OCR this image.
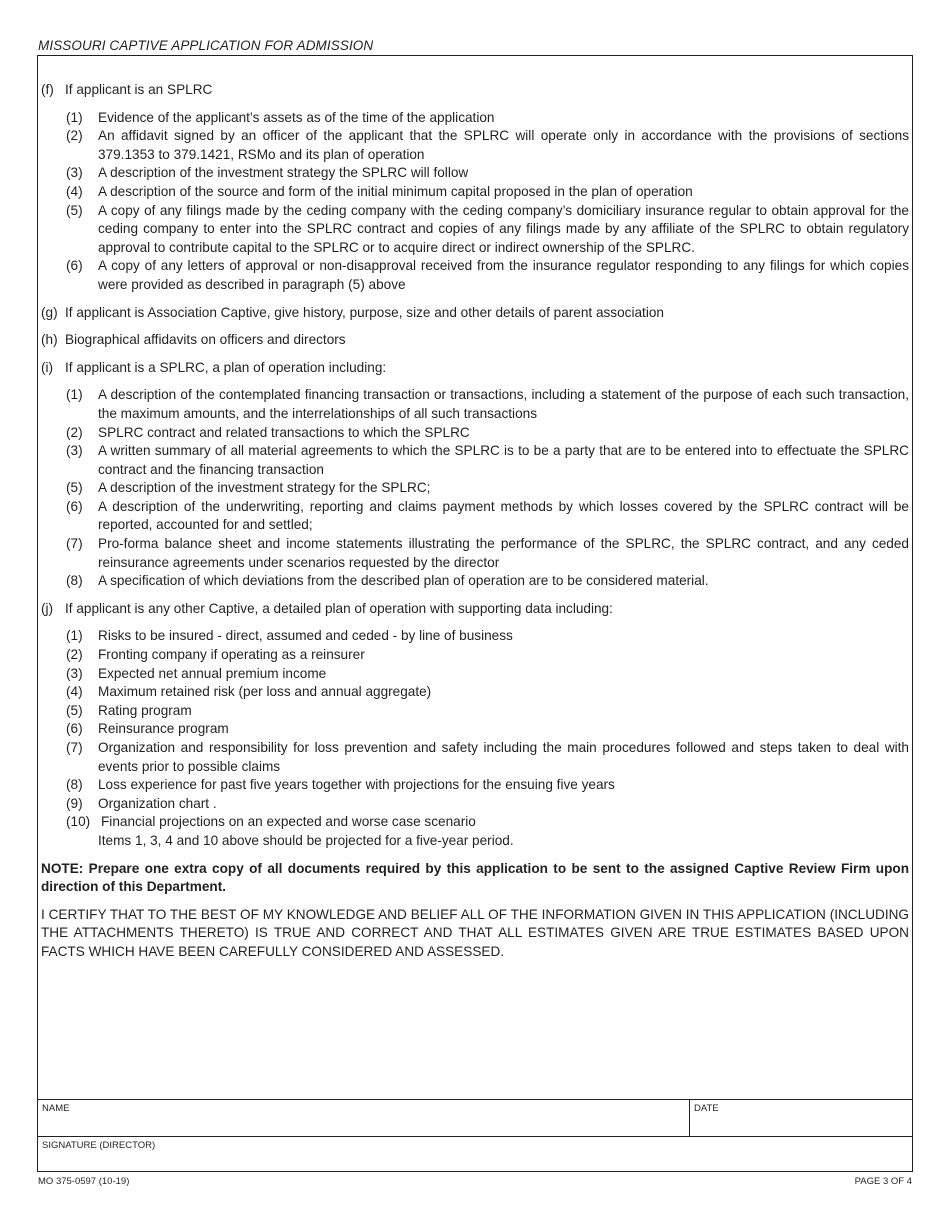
MISSOURI CAPTIVE APPLICATION FOR ADMISSION
(f) If applicant is an SPLRC
(1)	Evidence of the applicant’s assets as of the time of the application
(2)	An affidavit signed by an officer of the applicant that the SPLRC will operate only in accordance with the provisions of sections 379.1353 to 379.1421, RSMo and its plan of operation
(3)	A description of the investment strategy the SPLRC will follow
(4)	A description of the source and form of the initial minimum capital proposed in the plan of operation
(5)	A copy of any filings made by the ceding company with the ceding company’s domiciliary insurance regular to obtain approval for the ceding company to enter into the SPLRC contract and copies of any filings made by any affiliate of the SPLRC to obtain regulatory approval to contribute capital to the SPLRC or to acquire direct or indirect ownership of the SPLRC.
(6)	A copy of any letters of approval or non-disapproval received from the insurance regulator responding to any filings for which copies were provided as described in paragraph (5) above
(g) If applicant is Association Captive, give history, purpose, size and other details of parent association
(h) Biographical affidavits on officers and directors
(i) If applicant is a SPLRC, a plan of operation including:
(1)	A description of the contemplated financing transaction or transactions, including a statement of the purpose of each such transaction, the maximum amounts, and the interrelationships of all such transactions
(2)	SPLRC contract and related transactions to which the SPLRC
(3)	A written summary of all material agreements to which the SPLRC is to be a party that are to be entered into to effectuate the SPLRC contract and the financing transaction
(5)	A description of the investment strategy for the SPLRC;
(6)	A description of the underwriting, reporting and claims payment methods by which losses covered by the SPLRC contract will be reported, accounted for and settled;
(7)	Pro-forma balance sheet and income statements illustrating the performance of the SPLRC, the SPLRC contract, and any ceded reinsurance agreements under scenarios requested by the director
(8)	A specification of which deviations from the described plan of operation are to be considered material.
(j) If applicant is any other Captive, a detailed plan of operation with supporting data including:
(1)	Risks to be insured - direct, assumed and ceded - by line of business
(2)	Fronting company if operating as a reinsurer
(3)	Expected net annual premium income
(4)	Maximum retained risk (per loss and annual aggregate)
(5)	Rating program
(6)	Reinsurance program
(7)	Organization and responsibility for loss prevention and safety including the main procedures followed and steps taken to deal with events prior to possible claims
(8)	Loss experience for past five years together with projections for the ensuing five years
(9)	Organization chart .
(10) Financial projections on an expected and worse case scenario
Items 1, 3, 4 and 10 above should be projected for a five-year period.
NOTE: Prepare one extra copy of all documents required by this application to be sent to the assigned Captive Review Firm upon direction of this Department.
I CERTIFY THAT TO THE BEST OF MY KNOWLEDGE AND BELIEF ALL OF THE INFORMATION GIVEN IN THIS APPLICATION (INCLUDING THE ATTACHMENTS THERETO) IS TRUE AND CORRECT AND THAT ALL ESTIMATES GIVEN ARE TRUE ESTIMATES BASED UPON FACTS WHICH HAVE BEEN CAREFULLY CONSIDERED AND ASSESSED.
NAME	DATE
SIGNATURE (DIRECTOR)
MO 375-0597 (10-19)	PAGE 3 OF 4
